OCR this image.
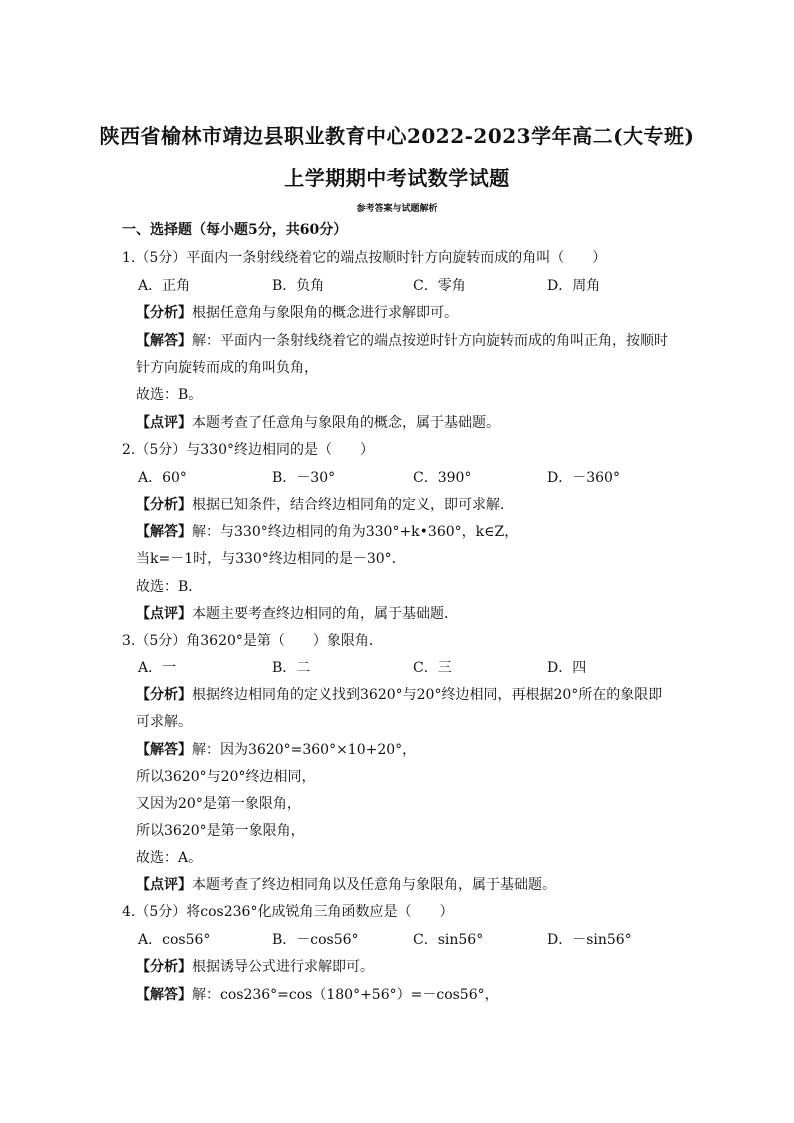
陕西省榆林市靖边县职业教育中心2022-2023学年高二(大专班)
上学期期中考试数学试题
参考答案与试题解析
一、选择题（每小题5分，共60分）
1.（5分）平面内一条射线绕着它的端点按顺时针方向旋转而成的角叫（　　）
A．正角	B．负角	C．零角	D．周角
【分析】根据任意角与象限角的概念进行求解即可。
【解答】解：平面内一条射线绕着它的端点按逆时针方向旋转而成的角叫正角，按顺时
针方向旋转而成的角叫负角，
故选：B。
【点评】本题考查了任意角与象限角的概念，属于基础题。
2.（5分）与330°终边相同的是（　　）
A．60°	B．－30°	C．390°	D．－360°
【分析】根据已知条件，结合终边相同角的定义，即可求解．
【解答】解：与330°终边相同的角为330°+k•360°，k∈Z，
当k=－1时，与330°终边相同的是－30°．
故选：B．
【点评】本题主要考查终边相同的角，属于基础题．
3.（5分）角3620°是第（　　）象限角．
A．一	B．二	C．三	D．四
【分析】根据终边相同角的定义找到3620°与20°终边相同，再根据20°所在的象限即
可求解。
【解答】解：因为3620°=360°×10+20°，
所以3620°与20°终边相同，
又因为20°是第一象限角，
所以3620°是第一象限角，
故选：A。
【点评】本题考查了终边相同角以及任意角与象限角，属于基础题。
4.（5分）将cos236°化成锐角三角函数应是（　　）
A．cos56°	B．－cos56°	C．sin56°	D．－sin56°
【分析】根据诱导公式进行求解即可。
【解答】解：cos236°=cos（180°+56°）=－cos56°，
